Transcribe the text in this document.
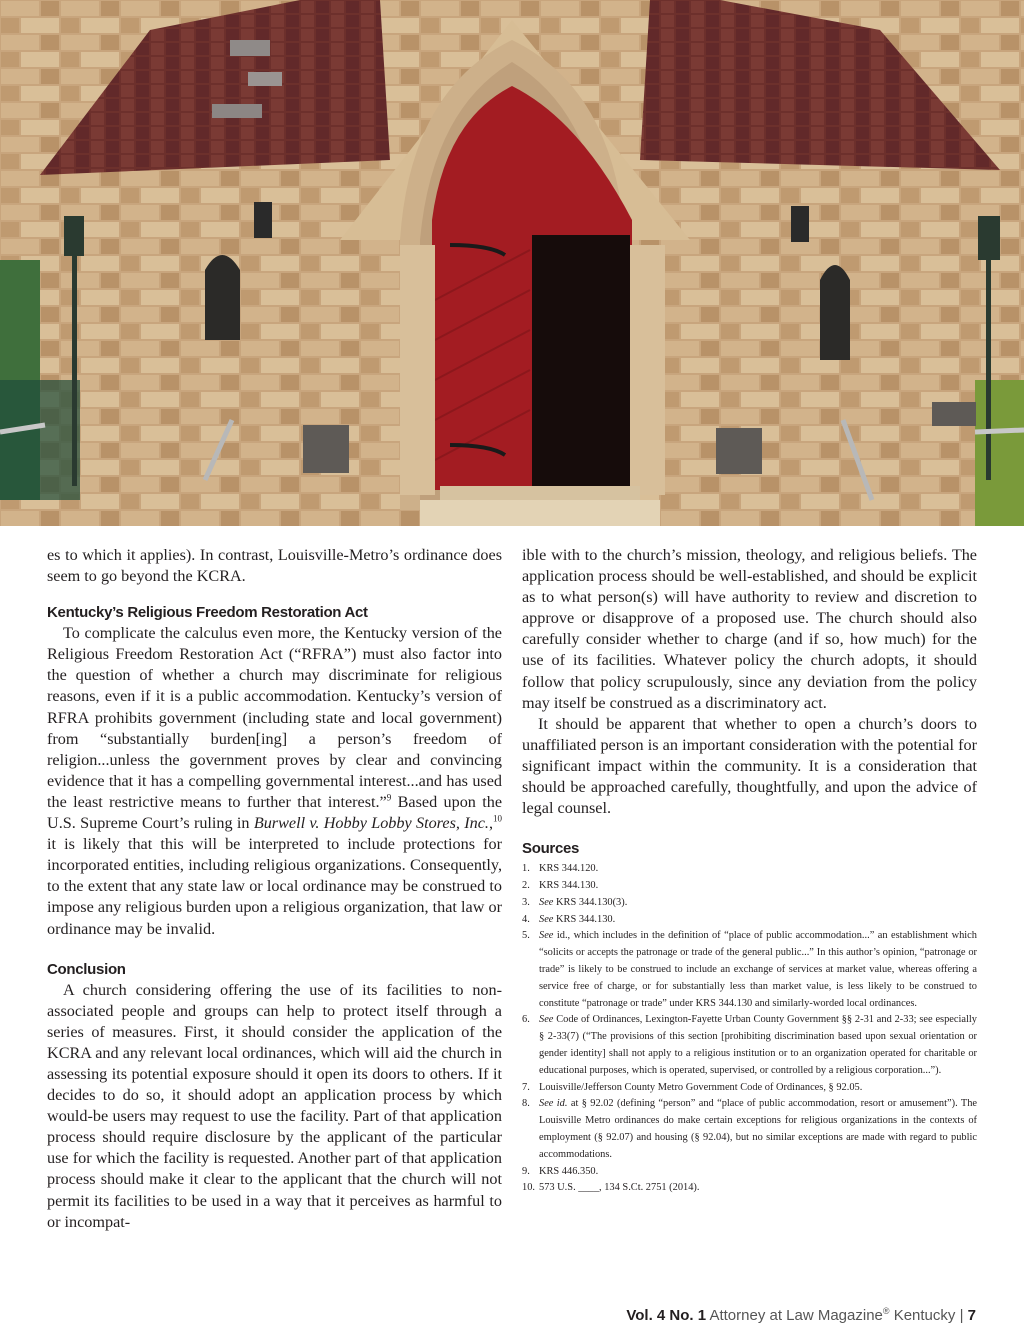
es to which it applies). In contrast, Louisville-Metro’s ordinance does seem to go beyond the KCRA.

Kentucky’s Religious Freedom Restoration Act

To complicate the calculus even more, the Kentucky version of the Religious Freedom Restoration Act (“RFRA”) must also factor into the question of whether a church may discriminate for religious reasons, even if it is a public accommodation. Kentucky’s version of RFRA prohibits government (including state and local government) from “substantially burden[ing] a person’s freedom of religion...unless the government proves by clear and convincing evidence that it has a compelling governmental interest...and has used the least restrictive means to further that interest.”$^9$ Based upon the U.S. Supreme Court’s ruling in Burwell v. Hobby Lobby Stores, Inc.,$^{10}$ it is likely that this will be interpreted to include protections for incorporated entities, including religious organizations. Consequently, to the extent that any state law or local ordinance may be construed to impose any religious burden upon a religious organization, that law or ordinance may be invalid.

Conclusion

A church considering offering the use of its facilities to non-associated people and groups can help to protect itself through a series of measures. First, it should consider the application of the KCRA and any relevant local ordinances, which will aid the church in assessing its potential exposure should it open its doors to others. If it decides to do so, it should adopt an application process by which would-be users may request to use the facility. Part of that application process should require disclosure by the applicant of the particular use for which the facility is requested. Another part of that application process should make it clear to the applicant that the church will not permit its facilities to be used in a way that it perceives as harmful to or incompat-

ible with to the church’s mission, theology, and religious beliefs. The application process should be well-established, and should be explicit as to what person(s) will have authority to review and discretion to approve or disapprove of a proposed use. The church should also carefully consider whether to charge (and if so, how much) for the use of its facilities. Whatever policy the church adopts, it should follow that policy scrupulously, since any deviation from the policy may itself be construed as a discriminatory act.

It should be apparent that whether to open a church’s doors to unaffiliated person is an important consideration with the potential for significant impact within the community. It is a consideration that should be approached carefully, thoughtfully, and upon the advice of legal counsel.

Sources
1. KRS 344.120.
2. KRS 344.130.
3. See KRS 344.130(3).
4. See KRS 344.130.
5. See id., which includes in the definition of “place of public accommodation...” an establishment which “solicits or accepts the patronage or trade of the general public...” In this author’s opinion, “patronage or trade” is likely to be construed to include an exchange of services at market value, whereas offering a service free of charge, or for substantially less than market value, is less likely to be construed to constitute “patronage or trade” under KRS 344.130 and similarly-worded local ordinances.
6. See Code of Ordinances, Lexington-Fayette Urban County Government §§ 2-31 and 2-33; see especially § 2-33(7) (“The provisions of this section [prohibiting discrimination based upon sexual orientation or gender identity] shall not apply to a religious institution or to an organization operated for charitable or educational purposes, which is operated, supervised, or controlled by a religious corporation...”).
7. Louisville/Jefferson County Metro Government Code of Ordinances, § 92.05.
8. See id. at § 92.02 (defining “person” and “place of public accommodation, resort or amusement”). The Louisville Metro ordinances do make certain exceptions for religious organizations in the contexts of employment (§ 92.07) and housing (§ 92.04), but no similar exceptions are made with regard to public accommodations.
9. KRS 446.350.
10. 573 U.S. ____, 134 S.Ct. 2751 (2014).
Vol. 4 No. 1 Attorney at Law Magazine® Kentucky | 7
